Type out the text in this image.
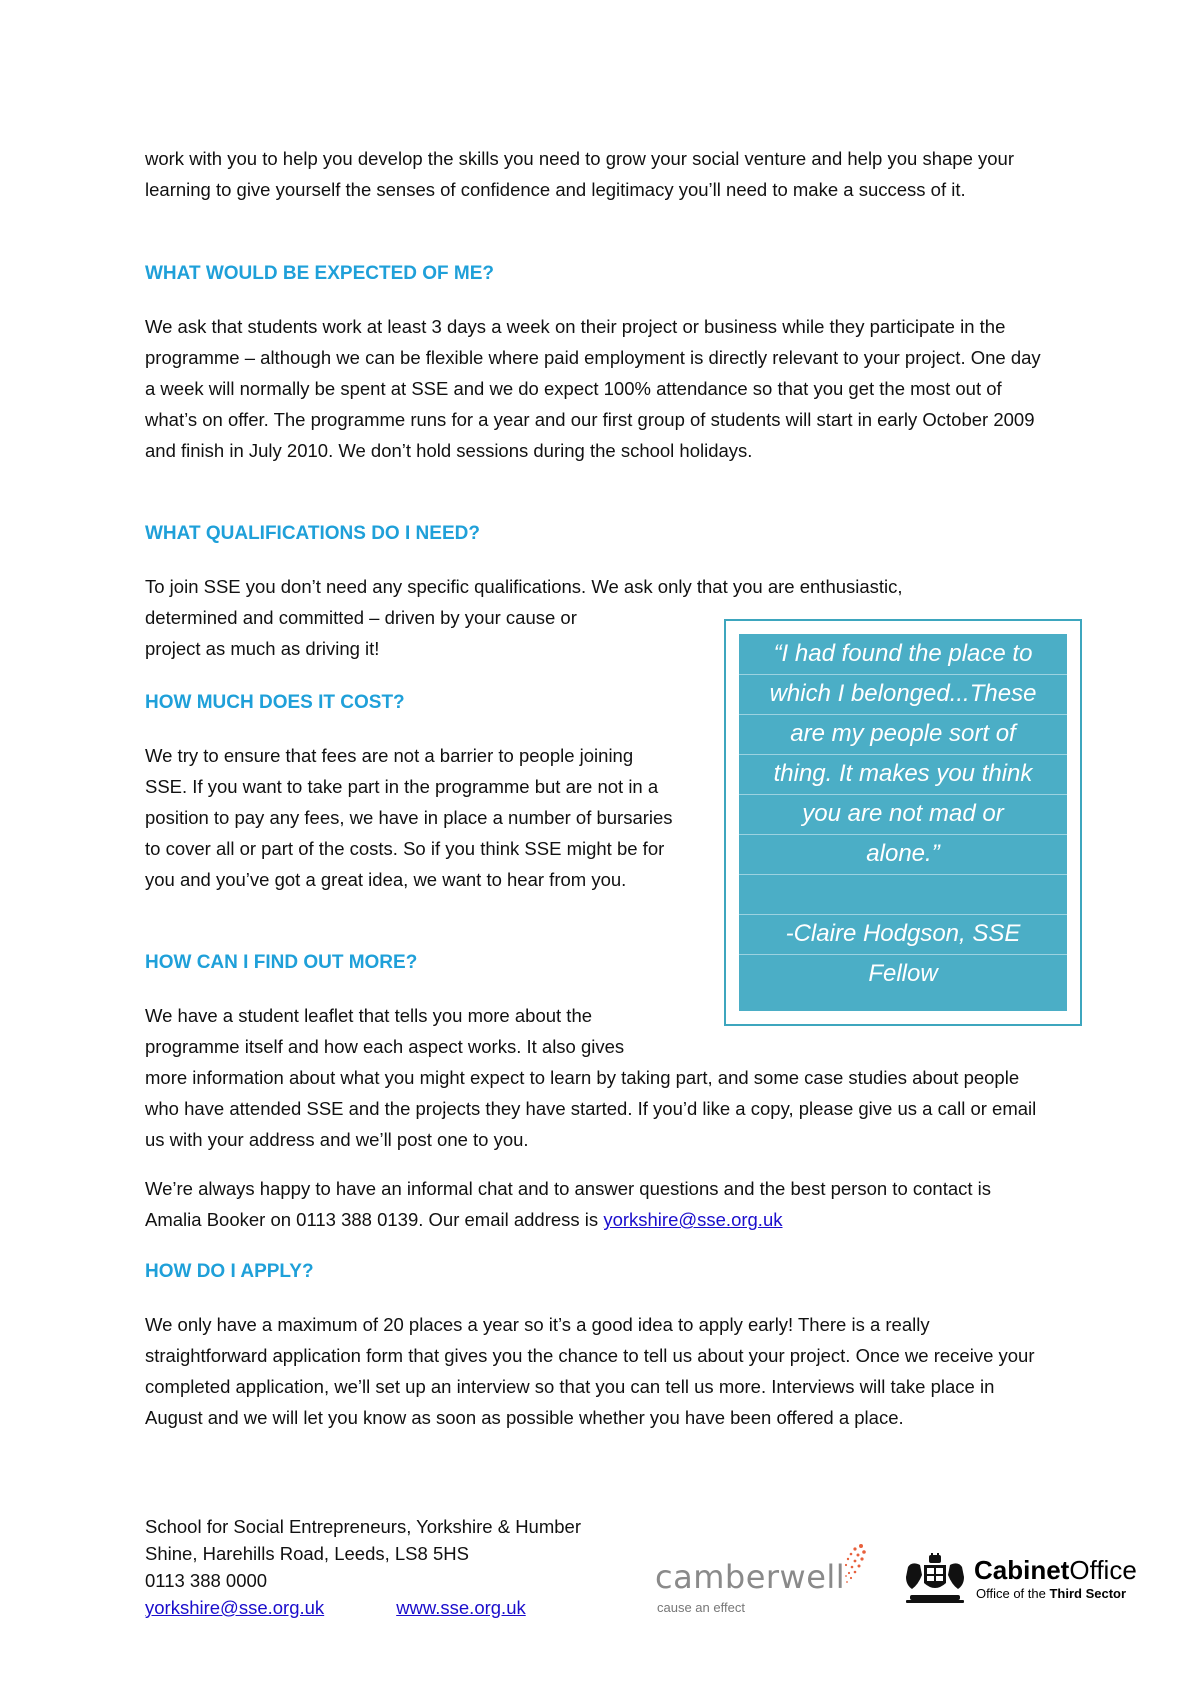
work with you to help you develop the skills you need to grow your social venture and help you shape your learning to give yourself the senses of confidence and legitimacy you’ll need to make a success of it.

WHAT WOULD BE EXPECTED OF ME?

We ask that students work at least 3 days a week on their project or business while they participate in the programme – although we can be flexible where paid employment is directly relevant to your project. One day a week will normally be spent at SSE and we do expect 100% attendance so that you get the most out of what’s on offer. The programme runs for a year and our first group of students will start in early October 2009 and finish in July 2010. We don’t hold sessions during the school holidays.

WHAT QUALIFICATIONS DO I NEED?

To join SSE you don’t need any specific qualifications. We ask only that you are enthusiastic,

determined and committed – driven by your cause or

project as much as driving it!

HOW MUCH DOES IT COST?

We try to ensure that fees are not a barrier to people joining SSE. If you want to take part in the programme but are not in a position to pay any fees, we have in place a number of bursaries to cover all or part of the costs. So if you think SSE might be for you and you’ve got a great idea, we want to hear from you.

HOW CAN I FIND OUT MORE?

We have a student leaflet that tells you more about the

programme itself and how each aspect works. It also gives

more information about what you might expect to learn by taking part, and some case studies about people who have attended SSE and the projects they have started. If you’d like a copy, please give us a call or email us with your address and we’ll post one to you.

We’re always happy to have an informal chat and to answer questions and the best person to contact is Amalia Booker on 0113 388 0139. Our email address is yorkshire@sse.org.uk

HOW DO I APPLY?

We only have a maximum of 20 places a year so it’s a good idea to apply early! There is a really straightforward application form that gives you the chance to tell us about your project. Once we receive your completed application, we’ll set up an interview so that you can tell us more. Interviews will take place in August and we will let you know as soon as possible whether you have been offered a place.

“I had found the place to
which I belonged...These
are my people sort of
thing. It makes you think
you are not mad or
alone.”
-Claire Hodgson, SSE
Fellow
School for Social Entrepreneurs, Yorkshire & Humber
Shine, Harehills Road, Leeds, LS8 5HS
0113 388 0000
yorkshire@sse.org.uk	www.sse.org.uk
camberwell
cause an effect
CabinetOffice
Office of the Third Sector
